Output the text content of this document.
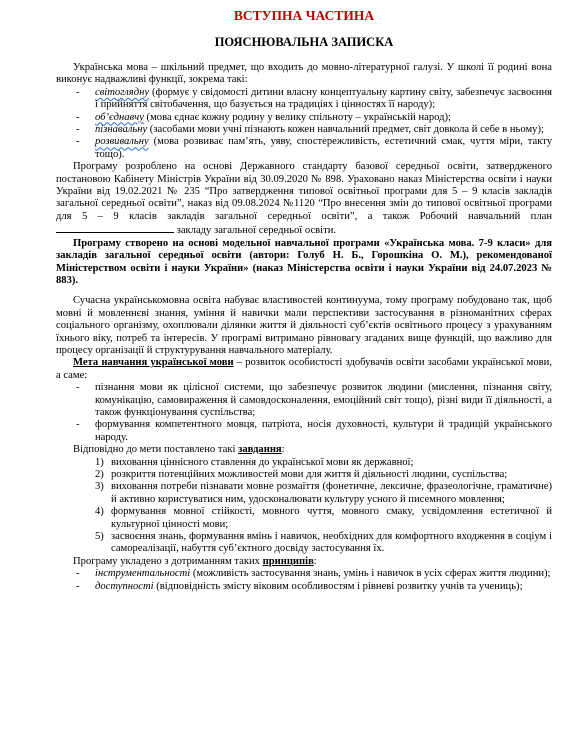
ВСТУПНА ЧАСТИНА
ПОЯСНЮВАЛЬНА ЗАПИСКА

Українська мова – шкільний предмет, що входить до мовно-літературної галузі. У школі її родині вона виконує надважливі функції, зокрема такі:

- світоглядну (формує у свідомості дитини власну концептуальну картину світу, забезпечує засвоєння і прийняття світобачення, що базується на традиціях і цінностях її народу);
- об’єднавчу (мова єднає кожну родину у велику спільноту – українській народ);
- пізнавальну (засобами мови учні пізнають кожен навчальний предмет, світ довкола й себе в ньому);
- розвивальну (мова розвиває пам’ять, уяву, спостережливість, естетичний смак, чуття міри, такту тощо).

Програму розроблено на основі Державного стандарту базової середньої освіти, затвердженого постановою Кабінету Міністрів України від 30.09.2020 № 898. Ураховано наказ Міністерства освіти і науки України від 19.02.2021 № 235 “Про затвердження типової освітньої програми для 5 – 9 класів закладів загальної середньої освіти”, наказ від 09.08.2024 №1120 “Про внесення змін до типової освітньої програми для 5 – 9 класів закладів загальної середньої освіти”, а також Робочий навчальний план  закладу загальної середньої освіти.

Програму створено на основі модельної навчальної програми «Українська мова. 7-9 класи» для закладів загальної середньої освіти (автори: Голуб Н. Б., Горошкіна О. М.), рекомендованої Міністерством освіти і науки України» (наказ Міністерства освіти і науки України від 24.07.2023 № 883).

Сучасна українськомовна освіта набуває властивостей континуума, тому програму побудовано так, щоб мовні й мовленнєві знання, уміння й навички мали перспективи застосування в різноманітних сферах соціального організму, охоплювали ділянки життя й діяльності суб’єктів освітнього процесу з урахуванням їхнього віку, потреб та інтересів. У програмі витримано рівновагу згаданих вище функцій, що важливо для процесу організації й структурування навчального матеріалу.

Мета навчання української мови – розвиток особистості здобувачів освіти засобами української мови, а саме:

- пізнання мови як цілісної системи, що забезпечує розвиток людини (мислення, пізнання світу, комунікацію, самовираження й самовдосконалення, емоційний світ тощо), різні види її діяльності, а також функціонування суспільства;
- формування компетентного мовця, патріота, носія духовності, культури й традицій українського народу.

Відповідно до мети поставлено такі завдання:

1) виховання ціннісного ставлення до української мови як державної;
2) розкриття потенційних можливостей мови для життя й діяльності людини, суспільства;
3) виховання потреби пізнавати мовне розмаїття (фонетичне, лексичне, фразеологічне, граматичне) й активно користуватися ним, удосконалювати культуру усного й писемного мовлення;
4) формування мовної стійкості, мовного чуття, мовного смаку, усвідомлення естетичної й культурної цінності мови;
5) засвоєння знань, формування вмінь і навичок, необхідних для комфортного входження в соціум і самореалізації, набуття суб’єктного досвіду застосування їх.

Програму укладено з дотриманням таких принципів:

- інструментальності (можливість застосування знань, умінь і навичок в усіх сферах життя людини);
- доступності (відповідність змісту віковим особливостям і рівневі розвитку учнів та учениць);
